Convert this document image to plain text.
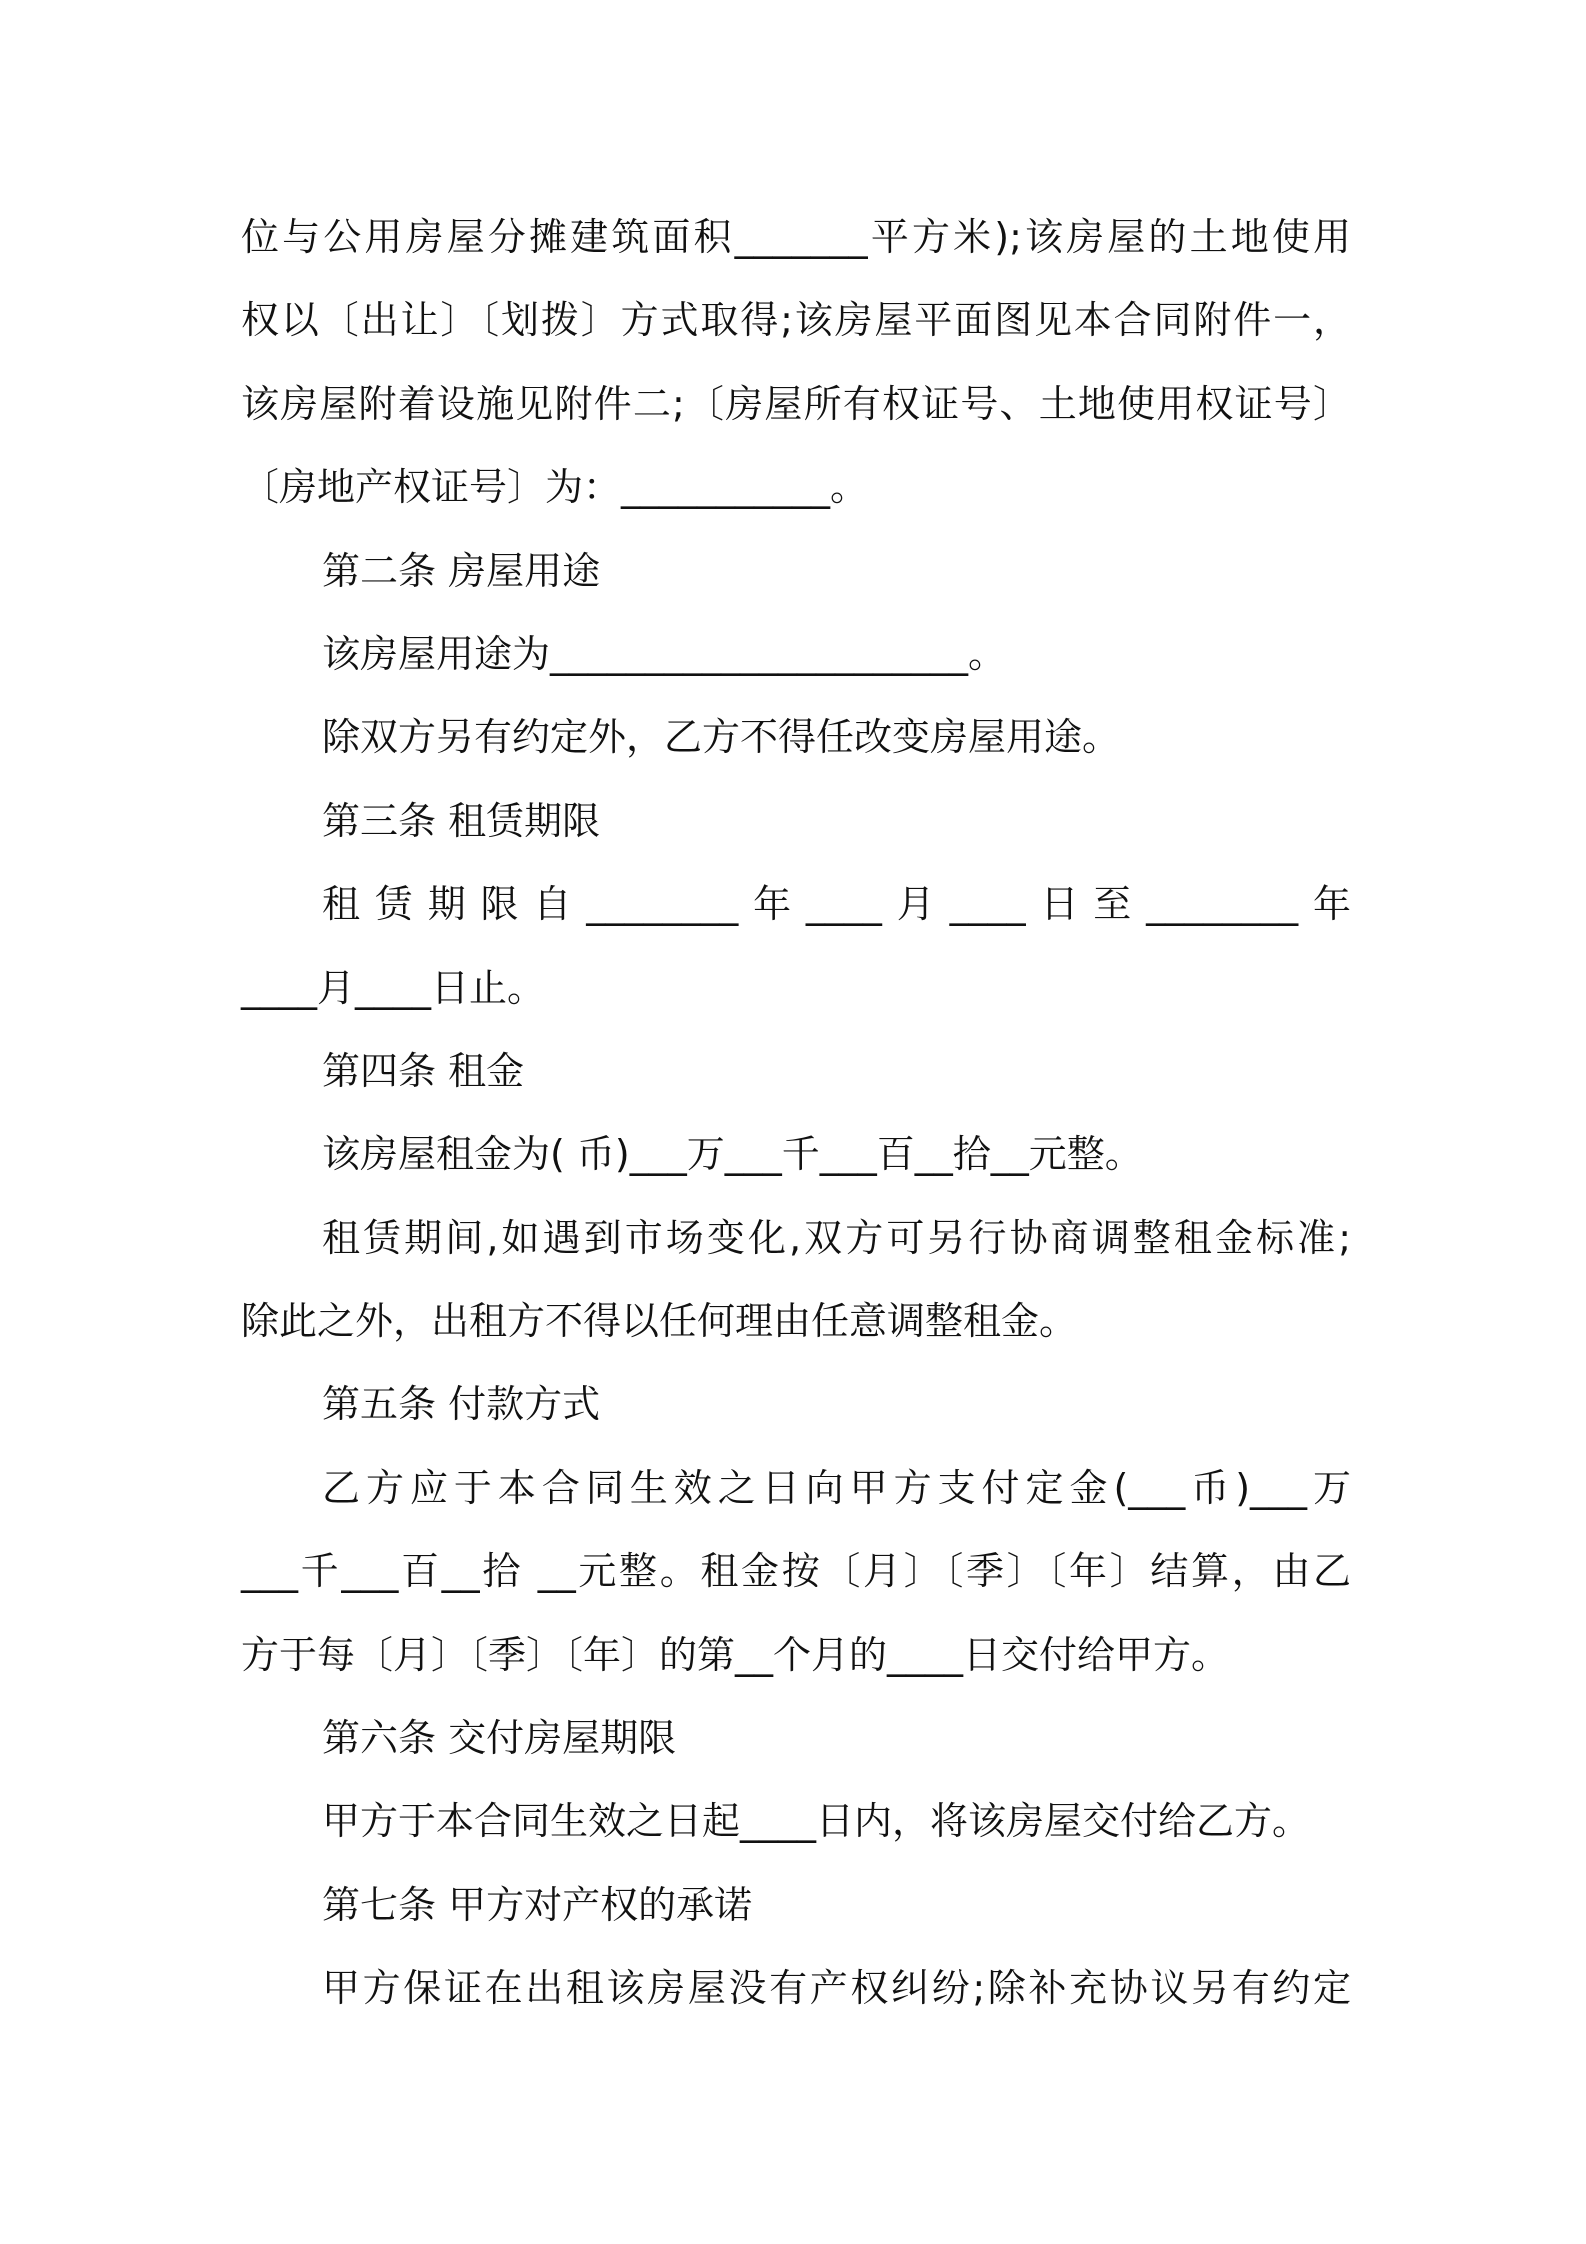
位与公用房屋分摊建筑面积_______平方米);该房屋的土地使用
权以〔出让〕〔划拨〕方式取得;该房屋平面图见本合同附件一，
该房屋附着设施见附件二;〔房屋所有权证号、土地使用权证号〕
〔房地产权证号〕为：___________。
第二条 房屋用途
该房屋用途为______________________。
除双方另有约定外，乙方不得任改变房屋用途。
第三条 租赁期限
租赁期限自________年____月____日至________年
____月____日止。
第四条 租金
该房屋租金为( 币)___万___千___百__拾__元整。
租赁期间,如遇到市场变化,双方可另行协商调整租金标准;
除此之外，出租方不得以任何理由任意调整租金。
第五条 付款方式
乙方应于本合同生效之日向甲方支付定金(___币)___万
___千___百__拾 __元整。租金按〔月〕〔季〕〔年〕结算，由乙
方于每〔月〕〔季〕〔年〕的第__个月的____日交付给甲方。
第六条 交付房屋期限
甲方于本合同生效之日起____日内，将该房屋交付给乙方。
第七条 甲方对产权的承诺
甲方保证在出租该房屋没有产权纠纷;除补充协议另有约定
